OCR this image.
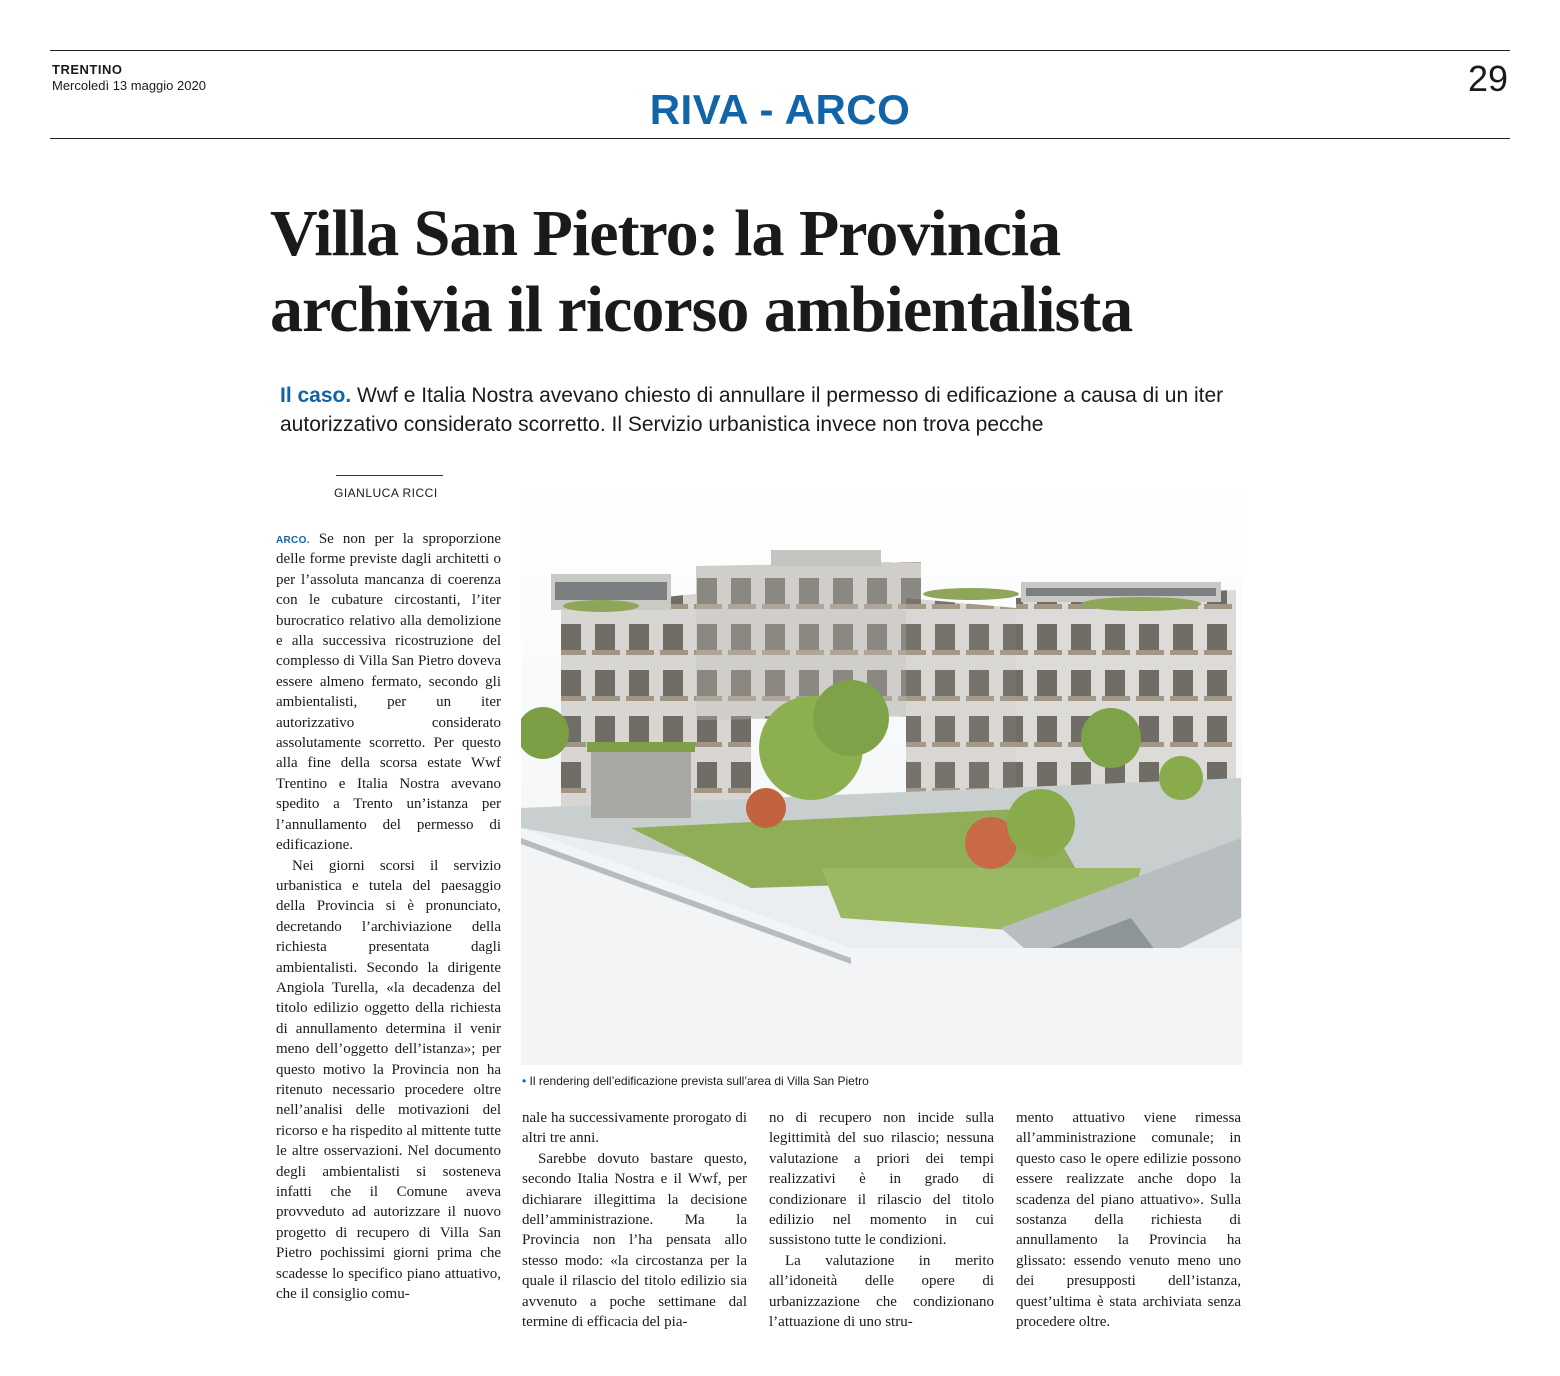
TRENTINO
Mercoledì 13 maggio 2020	29
RIVA - ARCO
Villa San Pietro: la Provincia
archivia il ricorso ambientalista
Il caso. Wwf e Italia Nostra avevano chiesto di annullare il permesso di edificazione a causa di un iter autorizzativo considerato scorretto. Il Servizio urbanistica invece non trova pecche
GIANLUCA RICCI

ARCO. Se non per la sproporzione delle forme previste dagli architetti o per l’assoluta mancanza di coerenza con le cubature circostanti, l’iter burocratico relativo alla demolizione e alla successiva ricostruzione del complesso di Villa San Pietro doveva essere almeno fermato, secondo gli ambientalisti, per un iter autorizzativo considerato assolutamente scorretto. Per questo alla fine della scorsa estate Wwf Trentino e Italia Nostra avevano spedito a Trento un’istanza per l’annullamento del permesso di edificazione.

Nei giorni scorsi il servizio urbanistica e tutela del paesaggio della Provincia si è pronunciato, decretando l’archiviazione della richiesta presentata dagli ambientalisti. Secondo la dirigente Angiola Turella, «la decadenza del titolo edilizio oggetto della richiesta di annullamento determina il venir meno dell’oggetto dell’istanza»; per questo motivo la Provincia non ha ritenuto necessario procedere oltre nell’analisi delle motivazioni del ricorso e ha rispedito al mittente tutte le altre osservazioni. Nel documento degli ambientalisti si sosteneva infatti che il Comune aveva provveduto ad autorizzare il nuovo progetto di recupero di Villa San Pietro pochissimi giorni prima che scadesse lo specifico piano attuativo, che il consiglio comu-

nale ha successivamente prorogato di altri tre anni.

Sarebbe dovuto bastare questo, secondo Italia Nostra e il Wwf, per dichiarare illegittima la decisione dell’amministrazione. Ma la Provincia non l’ha pensata allo stesso modo: «la circostanza per la quale il rilascio del titolo edilizio sia avvenuto a poche settimane dal termine di efficacia del pia-

no di recupero non incide sulla legittimità del suo rilascio; nessuna valutazione a priori dei tempi realizzativi è in grado di condizionare il rilascio del titolo edilizio nel momento in cui sussistono tutte le condizioni.

La valutazione in merito all’idoneità delle opere di urbanizzazione che condizionano l’attuazione di uno stru-

mento attuativo viene rimessa all’amministrazione comunale; in questo caso le opere edilizie possono essere realizzate anche dopo la scadenza del piano attuativo». Sulla sostanza della richiesta di annullamento la Provincia ha glissato: essendo venuto meno uno dei presupposti dell’istanza, quest’ultima è stata archiviata senza procedere oltre.

• Il rendering dell’edificazione prevista sull’area di Villa San Pietro
